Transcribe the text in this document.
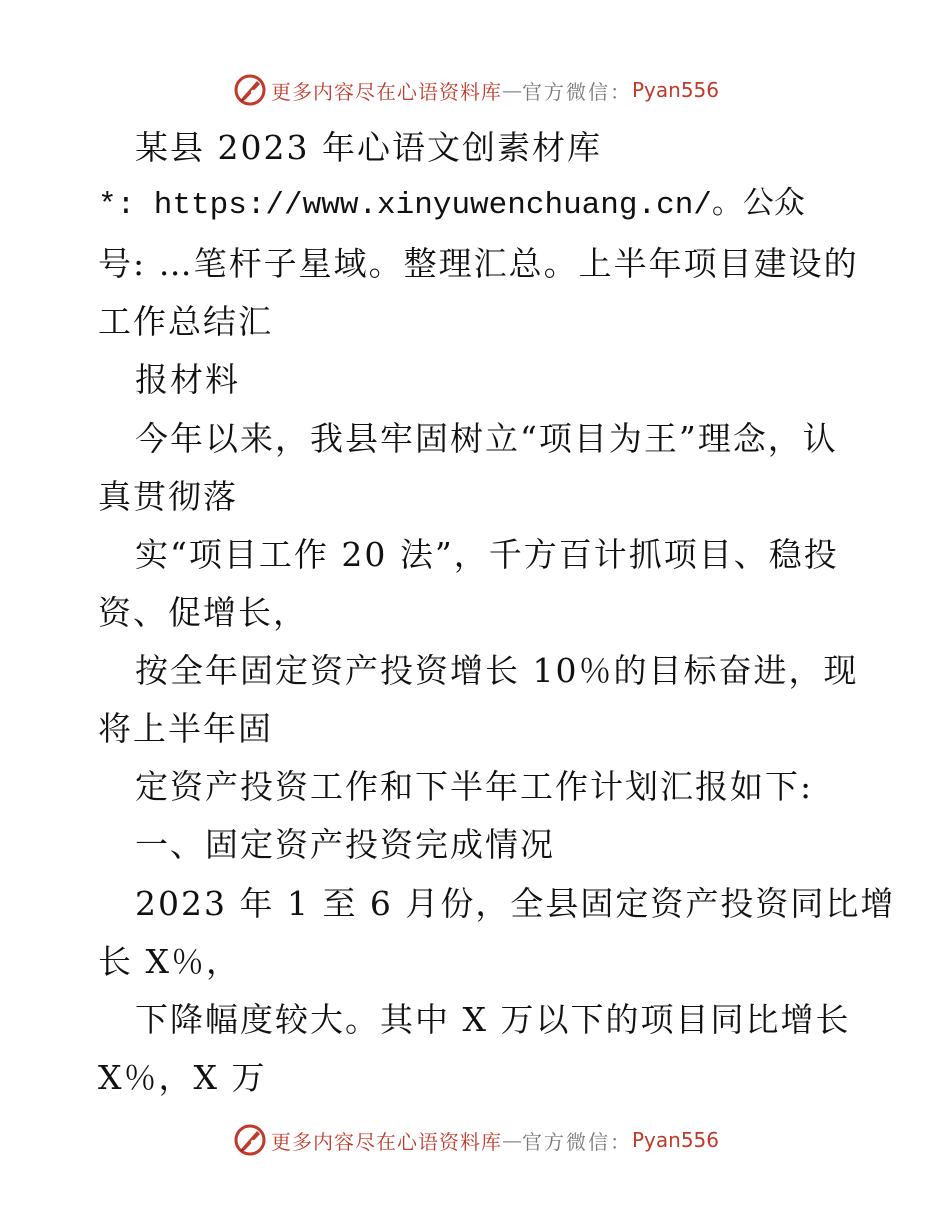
更多内容尽在心语资料库 — 官方微信： Pyan556

某县 2023 年心语文创素材库

*: https://www.xinyuwenchuang.cn/。公众

号: …笔杆子星域。整理汇总。上半年项目建设的

工作总结汇

报材料

今年以来，我县牢固树立“项目为王”理念，认

真贯彻落

实“项目工作 20 法”，千方百计抓项目、稳投

资、促增长，

按全年固定资产投资增长 10％的目标奋进，现

将上半年固

定资产投资工作和下半年工作计划汇报如下:

一、固定资产投资完成情况

2023 年 1 至 6 月份，全县固定资产投资同比增

长 X％，

下降幅度较大。其中 X 万以下的项目同比增长

X％，X 万

更多内容尽在心语资料库 — 官方微信： Pyan556
